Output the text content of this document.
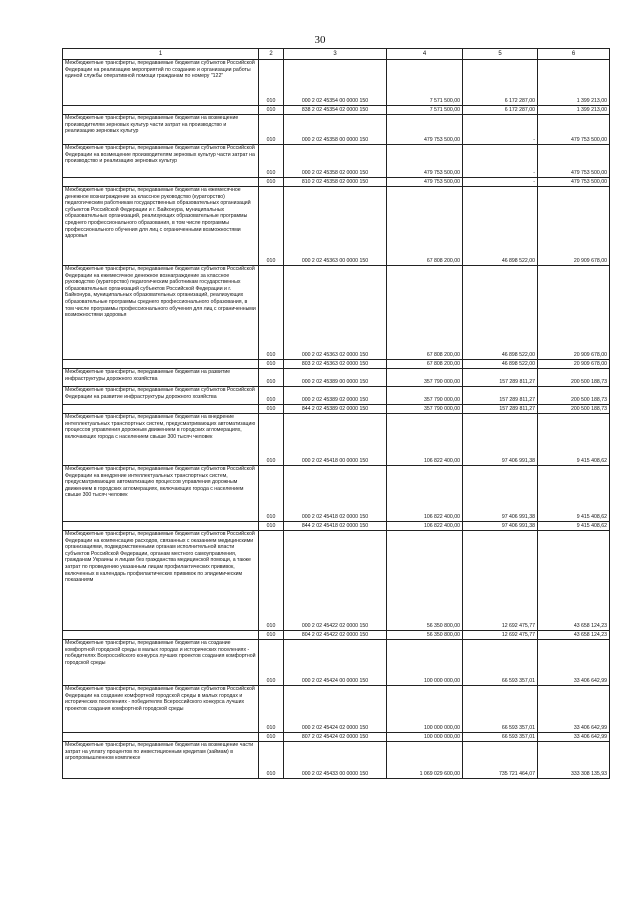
30
1	2	3	4	5	6
Межбюджетные трансферты, передаваемые бюджетам субъектов Российской Федерации на реализацию мероприятий по созданию и организации работы единой службы оперативной помощи гражданам по номеру "122"	010	000 2 02 45354 00 0000 150	7 571 500,00	6 172 287,00	1 399 213,00
	010	838 2 02 45354 02 0000 150	7 571 500,00	6 172 287,00	1 399 213,00
Межбюджетные трансферты, передаваемые бюджетам на возмещение производителям зерновых культур части затрат на производство и реализацию зерновых культур	010	000 2 02 45358 00 0000 150	479 753 500,00	-	479 753 500,00
Межбюджетные трансферты, передаваемые бюджетам субъектов Российской Федерации на возмещение производителям зерновых культур части затрат на производство и реализацию зерновых культур	010	000 2 02 45358 02 0000 150	479 753 500,00	-	479 753 500,00
	010	810 2 02 45358 02 0000 150	479 753 500,00	-	479 753 500,00
Межбюджетные трансферты, передаваемые бюджетам на ежемесячное денежное вознаграждение за классное руководство (кураторство) педагогическим работникам государственных образовательных организаций субъектов Российской Федерации и г. Байконура, муниципальных образовательных организаций, реализующих образовательные программы среднего профессионального образования, в том числе программы профессионального обучения для лиц с ограниченными возможностями здоровья	010	000 2 02 45363 00 0000 150	67 808 200,00	46 898 522,00	20 909 678,00
Межбюджетные трансферты, передаваемые бюджетам субъектов Российской Федерации на ежемесячное денежное вознаграждение за классное руководство (кураторство) педагогическим работникам государственных образовательных организаций субъектов Российской Федерации и г. Байконура, муниципальных образовательных организаций, реализующих образовательные программы среднего профессионального образования, в том числе программы профессионального обучения для лиц с ограниченными возможностями здоровья	010	000 2 02 45363 02 0000 150	67 808 200,00	46 898 522,00	20 909 678,00
	010	803 2 02 45363 02 0000 150	67 808 200,00	46 898 522,00	20 909 678,00
Межбюджетные трансферты, передаваемые бюджетам на развитие инфраструктуры дорожного хозяйства	010	000 2 02 45389 00 0000 150	357 790 000,00	157 289 811,27	200 500 188,73
Межбюджетные трансферты, передаваемые бюджетам субъектов Российской Федерации на развитие инфраструктуры дорожного хозяйства	010	000 2 02 45389 02 0000 150	357 790 000,00	157 289 811,27	200 500 188,73
	010	844 2 02 45389 02 0000 150	357 790 000,00	157 289 811,27	200 500 188,73
Межбюджетные трансферты, передаваемые бюджетам на внедрение интеллектуальных транспортных систем, предусматривающих автоматизацию процессов управления дорожным движением в городских агломерациях, включающих города с населением свыше 300 тысяч человек	010	000 2 02 45418 00 0000 150	106 822 400,00	97 406 991,38	9 415 408,62
Межбюджетные трансферты, передаваемые бюджетам субъектов Российской Федерации на внедрение интеллектуальных транспортных систем, предусматривающих автоматизацию процессов управления дорожным движением в городских агломерациях, включающих города с населением свыше 300 тысяч человек	010	000 2 02 45418 02 0000 150	106 822 400,00	97 406 991,38	9 415 408,62
	010	844 2 02 45418 02 0000 150	106 822 400,00	97 406 991,38	9 415 408,62
Межбюджетные трансферты, передаваемые бюджетам субъектов Российской Федерации на компенсацию расходов, связанных с оказанием медицинскими организациями, подведомственными органам исполнительной власти субъектов Российской Федерации, органам местного самоуправления, гражданам Украины и лицам без гражданства медицинской помощи, а также затрат по проведению указанным лицам профилактических прививок, включенных в календарь профилактических прививок по эпидемическим показаниям	010	000 2 02 45422 02 0000 150	56 350 800,00	12 692 475,77	43 658 124,23
	010	804 2 02 45422 02 0000 150	56 350 800,00	12 692 475,77	43 658 124,23
Межбюджетные трансферты, передаваемые бюджетам на создание комфортной городской среды в малых городах и исторических поселениях - победителях Всероссийского конкурса лучших проектов создания комфортной городской среды	010	000 2 02 45424 00 0000 150	100 000 000,00	66 593 357,01	33 406 642,99
Межбюджетные трансферты, передаваемые бюджетам субъектов Российской Федерации на создание комфортной городской среды в малых городах и исторических поселениях - победителях Всероссийского конкурса лучших проектов создания комфортной городской среды	010	000 2 02 45424 02 0000 150	100 000 000,00	66 593 357,01	33 406 642,99
	010	807 2 02 45424 02 0000 150	100 000 000,00	66 593 357,01	33 406 642,99
Межбюджетные трансферты, передаваемые бюджетам на возмещение части затрат на уплату процентов по инвестиционным кредитам (займам) в агропромышленном комплексе	010	000 2 02 45433 00 0000 150	1 069 029 600,00	735 721 464,07	333 308 135,93
